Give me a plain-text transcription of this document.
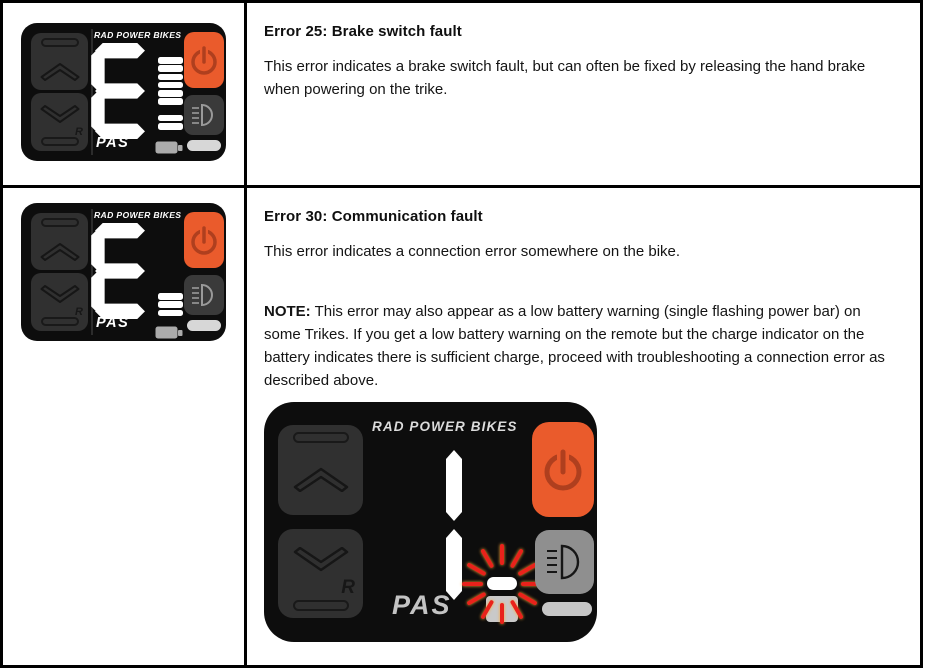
R
RAD POWER BIKES
PAS
Error 25: Brake switch fault

This error indicates a brake switch fault, but can often be fixed by releasing the hand brake when powering on the trike.

R
RAD POWER BIKES
PAS
Error 30: Communication fault

This error indicates a connection error somewhere on the bike.

NOTE: This error may also appear as a low battery warning (single flashing power bar) on some Trikes. If you get a low battery warning on the remote but the charge indicator on the battery indicates there is sufficient charge, proceed with troubleshooting a connection error as described above.

R
RAD POWER BIKES
PAS
